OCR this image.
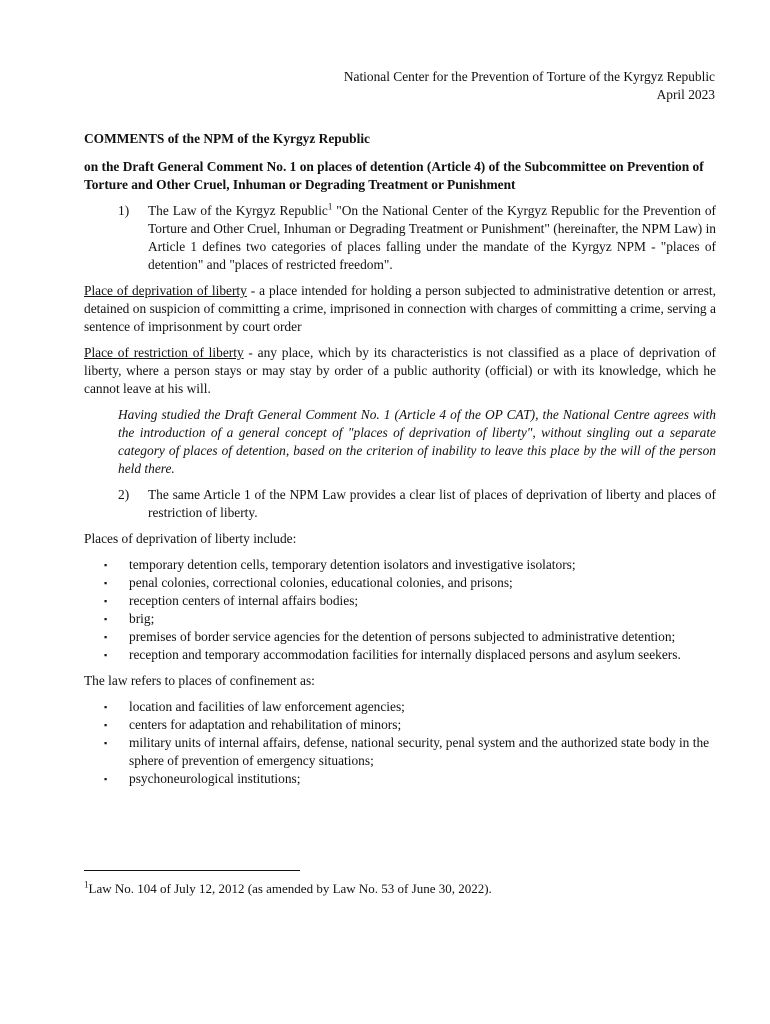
National Center for the Prevention of Torture of the Kyrgyz Republic
April 2023
COMMENTS of the NPM of the Kyrgyz Republic
on the Draft General Comment No. 1 on places of detention (Article 4) of the Subcommittee on Prevention of Torture and Other Cruel, Inhuman or Degrading Treatment or Punishment
1)	The Law of the Kyrgyz Republic$^1$ "On the National Center of the Kyrgyz Republic for the Prevention of Torture and Other Cruel, Inhuman or Degrading Treatment or Punishment" (hereinafter, the NPM Law) in Article 1 defines two categories of places falling under the mandate of the Kyrgyz NPM - "places of detention" and "places of restricted freedom".
Place of deprivation of liberty - a place intended for holding a person subjected to administrative detention or arrest, detained on suspicion of committing a crime, imprisoned in connection with charges of committing a crime, serving a sentence of imprisonment by court order
Place of restriction of liberty - any place, which by its characteristics is not classified as a place of deprivation of liberty, where a person stays or may stay by order of a public authority (official) or with its knowledge, which he cannot leave at his will.
Having studied the Draft General Comment No. 1 (Article 4 of the OP CAT), the National Centre agrees with the introduction of a general concept of "places of deprivation of liberty", without singling out a separate category of places of detention, based on the criterion of inability to leave this place by the will of the person held there.
2)	The same Article 1 of the NPM Law provides a clear list of places of deprivation of liberty and places of restriction of liberty.
Places of deprivation of liberty include:
▪	temporary detention cells, temporary detention isolators and investigative isolators;
▪	penal colonies, correctional colonies, educational colonies, and prisons;
▪	reception centers of internal affairs bodies;
▪	brig;
▪	premises of border service agencies for the detention of persons subjected to administrative detention;
▪	reception and temporary accommodation facilities for internally displaced persons and asylum seekers.
The law refers to places of confinement as:
▪	location and facilities of law enforcement agencies;
▪	centers for adaptation and rehabilitation of minors;
▪	military units of internal affairs, defense, national security, penal system and the authorized state body in the sphere of prevention of emergency situations;
▪	psychoneurological institutions;
$^1$Law No. 104 of July 12, 2012 (as amended by Law No. 53 of June 30, 2022).
